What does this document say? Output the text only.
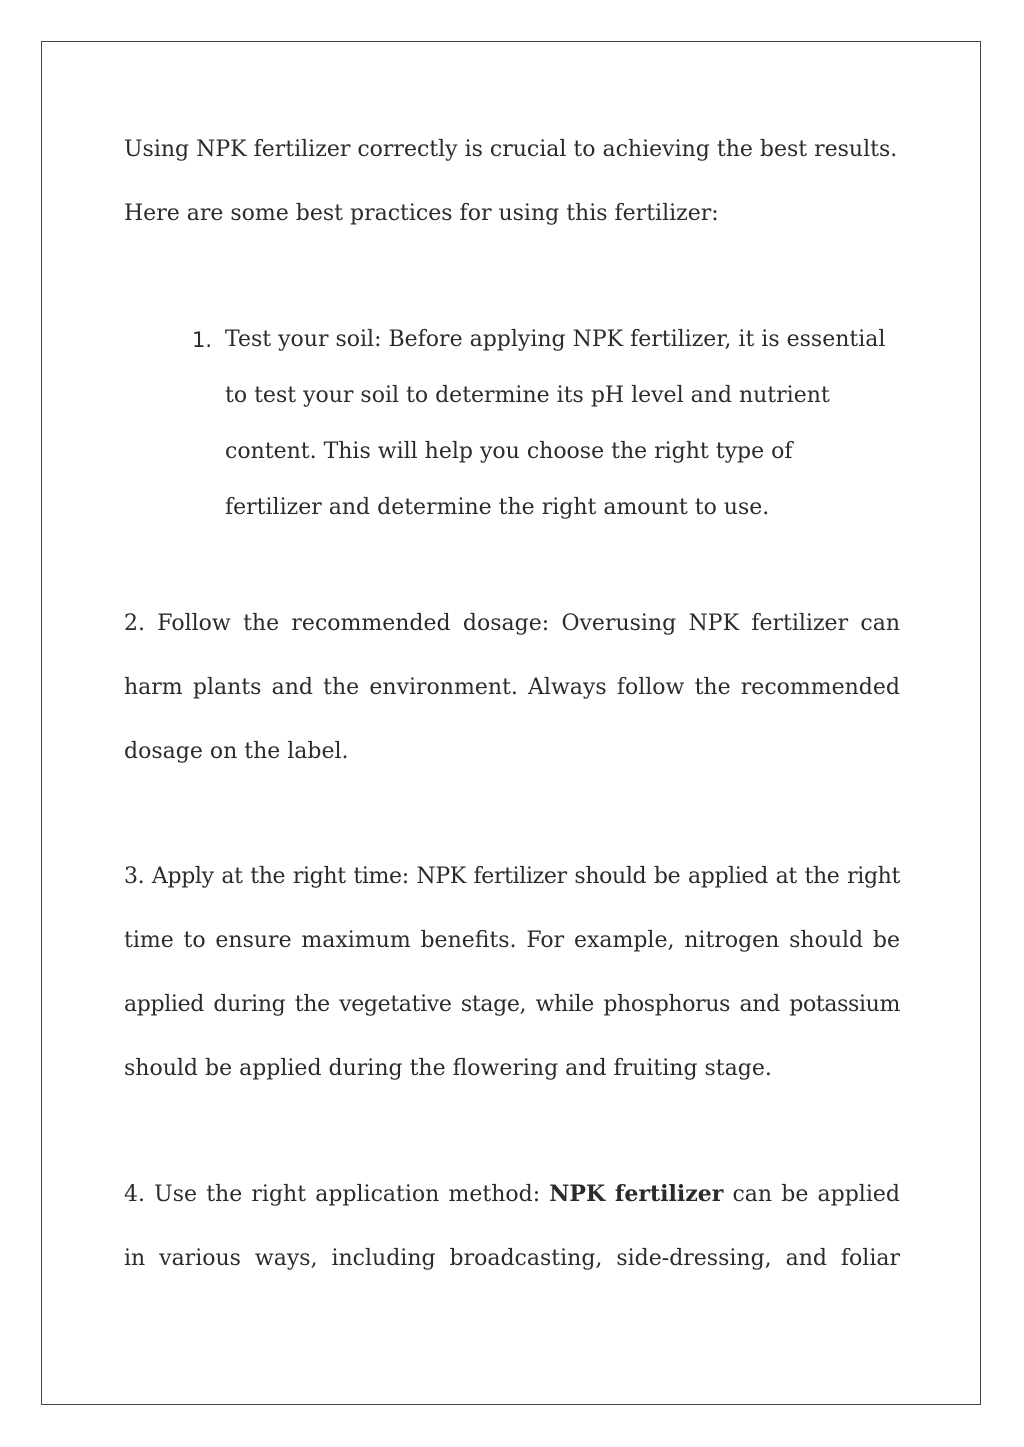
Using NPK fertilizer correctly is crucial to achieving the best results.
Here are some best practices for using this fertilizer:
1. Test your soil: Before applying NPK fertilizer, it is essential
to test your soil to determine its pH level and nutrient
content. This will help you choose the right type of
fertilizer and determine the right amount to use.
2. Follow the recommended dosage: Overusing NPK fertilizer can
harm plants and the environment. Always follow the recommended
dosage on the label.
3. Apply at the right time: NPK fertilizer should be applied at the right
time to ensure maximum benefits. For example, nitrogen should be
applied during the vegetative stage, while phosphorus and potassium
should be applied during the flowering and fruiting stage.
4. Use the right application method: NPK fertilizer can be applied
in various ways, including broadcasting, side-dressing, and foliar
